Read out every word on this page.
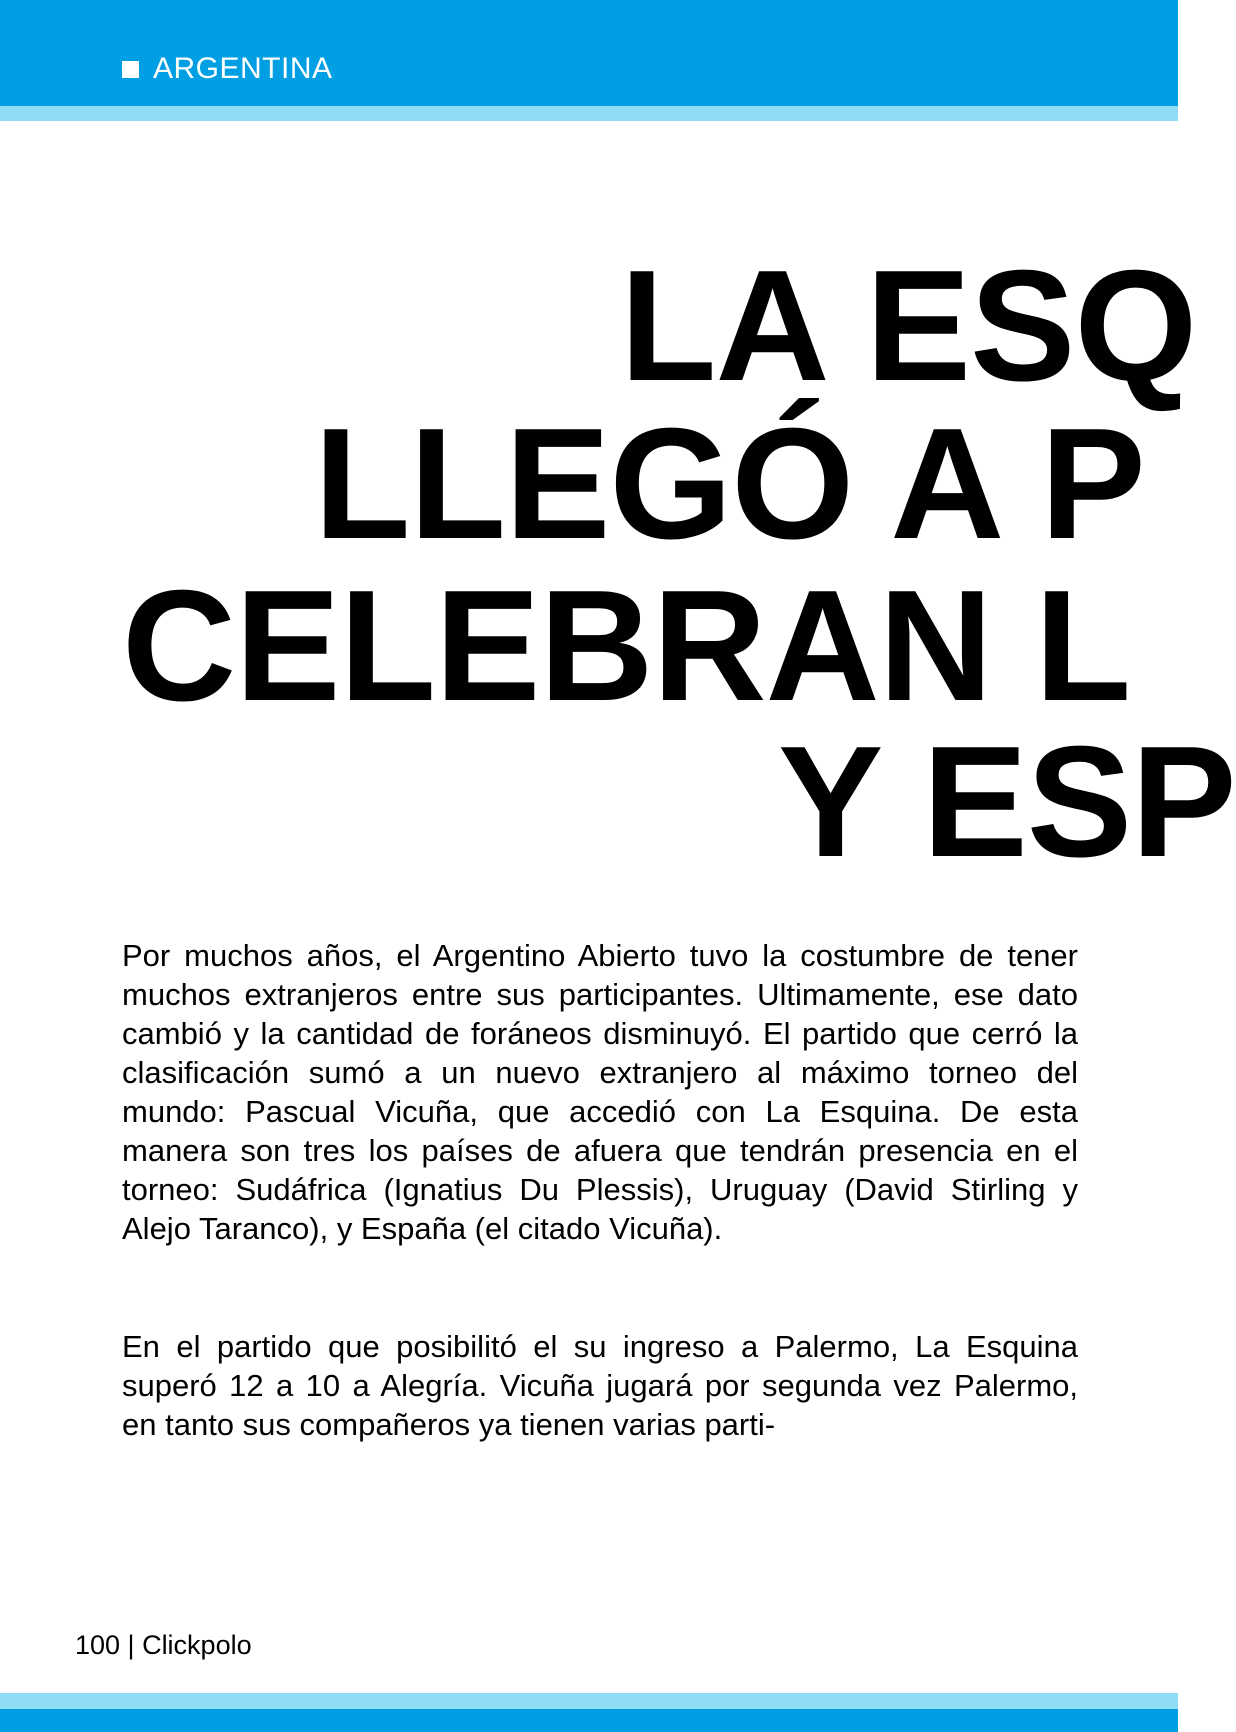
ARGENTINA
LA ESQ
LLEGÓ A P
CELEBRAN L
Y ESP

Por muchos años, el Argentino Abierto tuvo la costumbre de tener muchos extranjeros entre sus participantes. Ultimamente, ese dato cambió y la cantidad de foráneos disminuyó. El partido que cerró la clasificación sumó a un nuevo extranjero al máximo torneo del mundo: Pascual Vicuña, que accedió con La Esquina. De esta manera son tres los países de afuera que tendrán presencia en el torneo: Sudáfrica (Ignatius Du Plessis), Uruguay (David Stirling y Alejo Taranco), y España (el citado Vicuña).

En el partido que posibilitó el su ingreso a Palermo, La Esquina superó 12 a 10 a Alegría. Vicuña jugará por segunda vez Palermo, en tanto sus compañeros ya tienen varias parti-

100 | Clickpolo
